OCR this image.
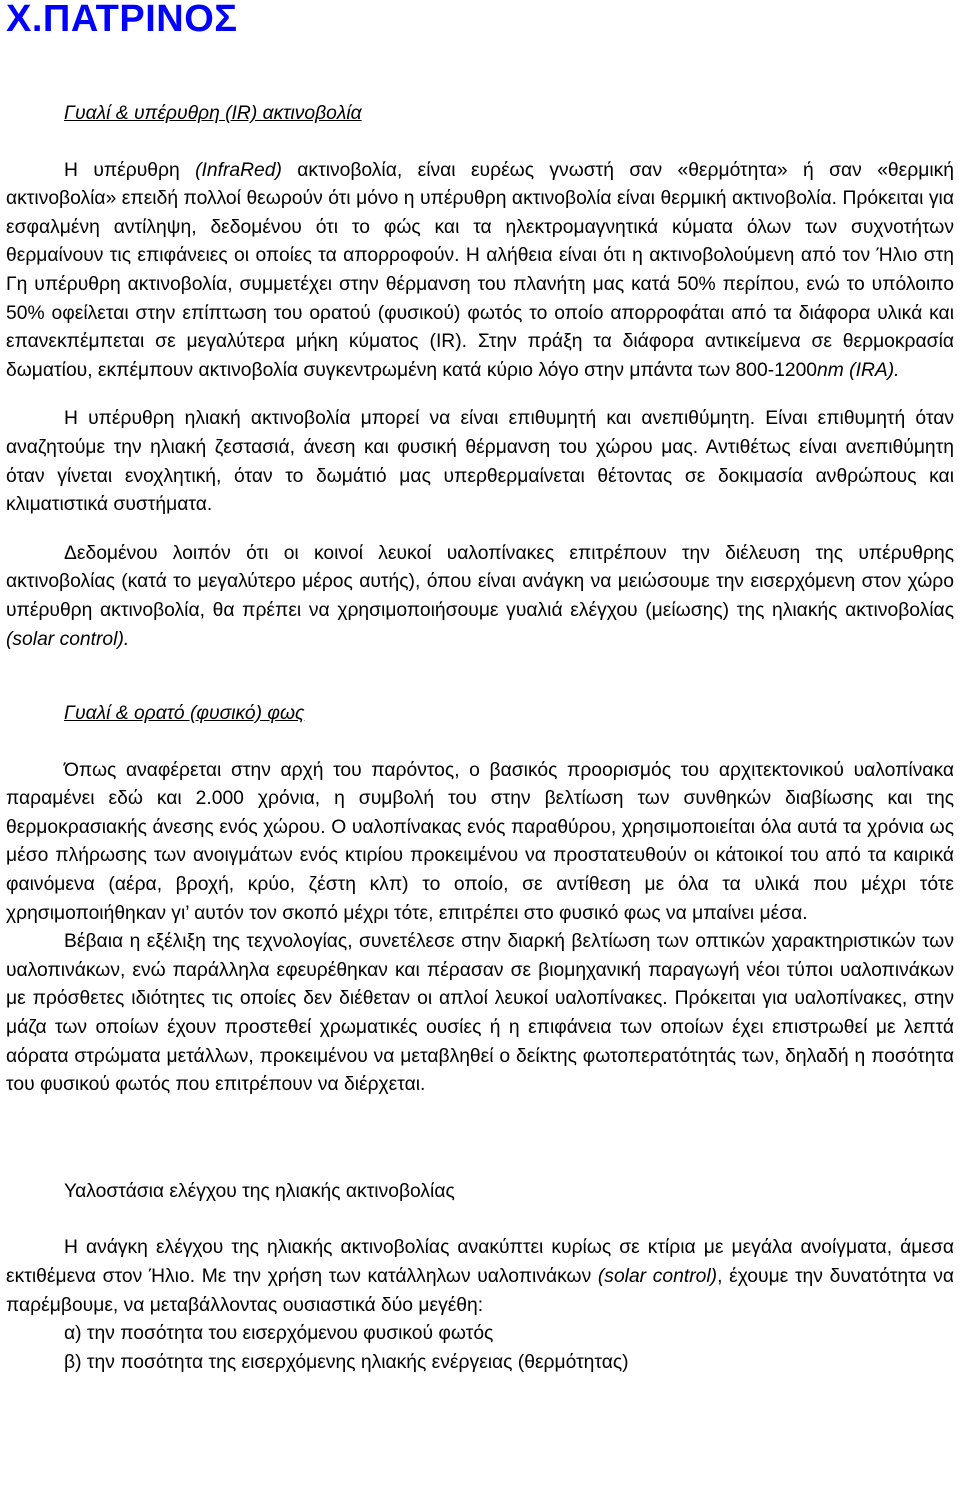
Χ.ΠΑΤΡΙΝΟΣ

Γυαλί & υπέρυθρη (IR) ακτινοβολία

Η υπέρυθρη (InfraRed) ακτινοβολία, είναι ευρέως γνωστή σαν «θερμότητα» ή σαν «θερμική ακτινοβολία» επειδή πολλοί θεωρούν ότι μόνο η υπέρυθρη ακτινοβολία είναι θερμική ακτινοβολία. Πρόκειται για εσφαλμένη αντίληψη, δεδομένου ότι το φώς και τα ηλεκτρομαγνητικά κύματα όλων των συχνοτήτων θερμαίνουν τις επιφάνειες οι οποίες τα απορροφούν. Η αλήθεια είναι ότι η ακτινοβολούμενη από τον Ήλιο στη Γη υπέρυθρη ακτινοβολία, συμμετέχει στην θέρμανση του πλανήτη μας κατά 50% περίπου, ενώ το υπόλοιπο 50% οφείλεται στην επίπτωση του ορατού (φυσικού) φωτός το οποίο απορροφάται από τα διάφορα υλικά και επανεκπέμπεται σε μεγαλύτερα μήκη κύματος (IR). Στην πράξη τα διάφορα αντικείμενα σε θερμοκρασία δωματίου, εκπέμπουν ακτινοβολία συγκεντρωμένη κατά κύριο λόγο στην μπάντα των 800-1200nm (IRA).

Η υπέρυθρη ηλιακή ακτινοβολία μπορεί να είναι επιθυμητή και ανεπιθύμητη. Είναι επιθυμητή όταν αναζητούμε την ηλιακή ζεστασιά, άνεση και φυσική θέρμανση του χώρου μας. Αντιθέτως είναι ανεπιθύμητη όταν γίνεται ενοχλητική, όταν το δωμάτιό μας υπερθερμαίνεται θέτοντας σε δοκιμασία ανθρώπους και κλιματιστικά συστήματα.

Δεδομένου λοιπόν ότι οι κοινοί λευκοί υαλοπίνακες επιτρέπουν την διέλευση της υπέρυθρης ακτινοβολίας (κατά το μεγαλύτερο μέρος αυτής), όπου είναι ανάγκη να μειώσουμε την εισερχόμενη στον χώρο υπέρυθρη ακτινοβολία, θα πρέπει να χρησιμοποιήσουμε γυαλιά ελέγχου (μείωσης) της ηλιακής ακτινοβολίας (solar control).

Γυαλί & ορατό (φυσικό) φως

Όπως αναφέρεται στην αρχή του παρόντος, ο βασικός προορισμός του αρχιτεκτονικού υαλοπίνακα παραμένει εδώ και 2.000 χρόνια, η συμβολή του στην βελτίωση των συνθηκών διαβίωσης και της θερμοκρασιακής άνεσης ενός χώρου. Ο υαλοπίνακας ενός παραθύρου, χρησιμοποιείται όλα αυτά τα χρόνια ως μέσο πλήρωσης των ανοιγμάτων ενός κτιρίου προκειμένου να προστατευθούν οι κάτοικοί του από τα καιρικά φαινόμενα (αέρα, βροχή, κρύο, ζέστη κλπ) το οποίο, σε αντίθεση με όλα τα υλικά που μέχρι τότε χρησιμοποιήθηκαν γι’ αυτόν τον σκοπό μέχρι τότε, επιτρέπει στο φυσικό φως να μπαίνει μέσα.

Βέβαια η εξέλιξη της τεχνολογίας, συνετέλεσε στην διαρκή βελτίωση των οπτικών χαρακτηριστικών των υαλοπινάκων, ενώ παράλληλα εφευρέθηκαν και πέρασαν σε βιομηχανική παραγωγή νέοι τύποι υαλοπινάκων με πρόσθετες ιδιότητες τις οποίες δεν διέθεταν οι απλοί λευκοί υαλοπίνακες. Πρόκειται για υαλοπίνακες, στην μάζα των οποίων έχουν προστεθεί χρωματικές ουσίες ή η επιφάνεια των οποίων έχει επιστρωθεί με λεπτά αόρατα στρώματα μετάλλων, προκειμένου να μεταβληθεί ο δείκτης φωτοπερατότητάς των, δηλαδή η ποσότητα του φυσικού φωτός που επιτρέπουν να διέρχεται.

Υαλοστάσια ελέγχου της ηλιακής ακτινοβολίας

Η ανάγκη ελέγχου της ηλιακής ακτινοβολίας ανακύπτει κυρίως σε κτίρια με μεγάλα ανοίγματα, άμεσα εκτιθέμενα στον Ήλιο. Με την χρήση των κατάλληλων υαλοπινάκων (solar control), έχουμε την δυνατότητα να παρέμβουμε, να μεταβάλλοντας ουσιαστικά δύο μεγέθη:

α) την ποσότητα του εισερχόμενου φυσικού φωτός

β) την ποσότητα της εισερχόμενης ηλιακής ενέργειας (θερμότητας)
